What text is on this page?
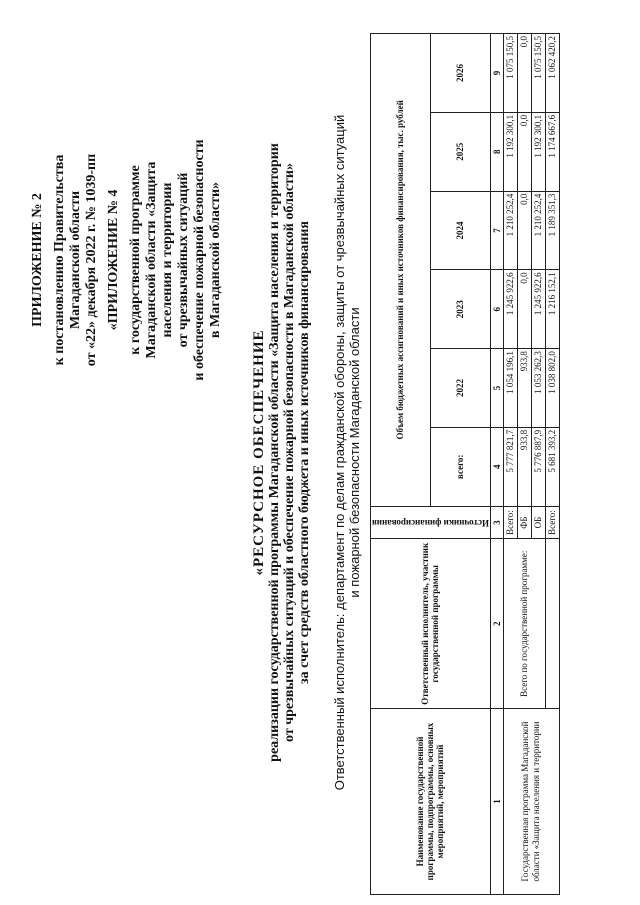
ПРИЛОЖЕНИЕ № 2 к постановлению Правительства Магаданской области от «22» декабря 2022 г. № 1039-пп «ПРИЛОЖЕНИЕ № 4 к государственной программе Магаданской области «Защита населения и территории от чрезвычайных ситуаций и обеспечение пожарной безопасности в Магаданской области»
«РЕСУРСНОЕ ОБЕСПЕЧЕНИЕ реализации государственной программы Магаданской области «Защита населения и территории от чрезвычайных ситуаций и обеспечение пожарной безопасности в Магаданской области» за счет средств областного бюджета и иных источников финансирования Ответственный исполнитель: департамент по делам гражданской обороны, защиты от чрезвычайных ситуаций и пожарной безопасности Магаданской области
Наименование государственной программы, подпрограммы, основных мероприятий, мероприятий	Ответственный исполнитель, участник государственной программы	Источники финансирования	Объем бюджетных ассигнований и иных источников финансирования, тыс. рублей					
			всего:	2022	2023	2024	2025	2026
1	2	3	4	5	6	7	8	9
Государственная программа Магаданской области «Защита населения и территории	Всего по государственной программе:	Всего:	5 777 821,7	1 054 196,1	1 245 922,6	1 210 252,4	1 192 300,1	1 075 150,5
		ФБ	933,8	933,8	0,0	0,0	0,0	0,0
		ОБ	5 776 887,9	1 053 262,3	1 245 922,6	1 210 252,4	1 192 300,1	1 075 150,5
		Всего:	5 681 393,2	1 038 802,0	1 216 152,1	1 189 351,3	1 174 667,6	1 062 420,2
